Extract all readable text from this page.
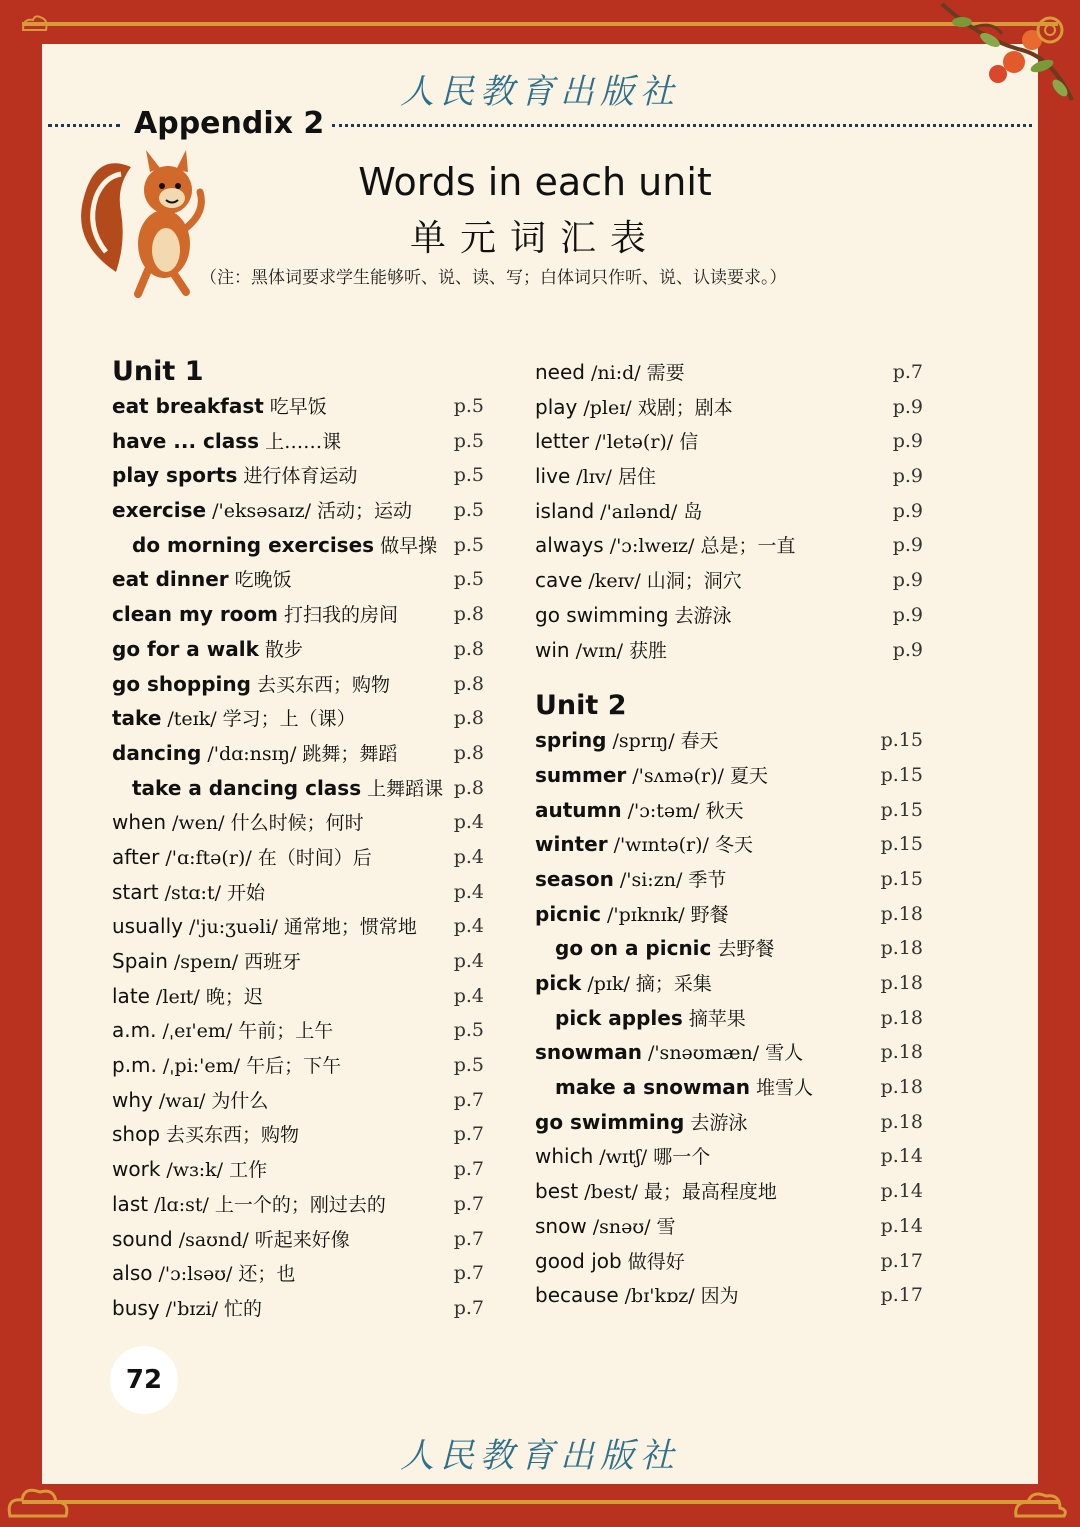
人民教育出版社
Appendix 2
Words in each unit
单元词汇表
（注：黑体词要求学生能够听、说、读、写；白体词只作听、说、认读要求。）
Unit 1
eat breakfast 吃早饭	p.5
have ... class 上……课	p.5
play sports 进行体育运动	p.5
exercise /'eksəsaɪz/ 活动；运动 p.5
do morning exercises 做早操 p.5
eat dinner 吃晚饭	p.5
clean my room 打扫我的房间	p.8
go for a walk 散步	p.8
go shopping 去买东西；购物	p.8
take /teɪk/ 学习；上（课）	p.8
dancing /'dɑ:nsɪŋ/ 跳舞；舞蹈	p.8
take a dancing class 上舞蹈课 p.8
when /wen/ 什么时候；何时	p.4
after /'ɑ:ftə(r)/ 在（时间）后	p.4
start /stɑ:t/ 开始	p.4
usually /'ju:ʒuəli/ 通常地；惯常地 p.4
Spain /speɪn/ 西班牙	p.4
late /leɪt/ 晚；迟	p.4
a.m. /ˌeɪ'em/ 午前；上午	p.5
p.m. /ˌpi:'em/ 午后；下午	p.5
why /waɪ/ 为什么	p.7
shop 去买东西；购物	p.7
work /wɜ:k/ 工作	p.7
last /lɑ:st/ 上一个的；刚过去的	p.7
sound /saʊnd/ 听起来好像	p.7
also /'ɔ:lsəʊ/ 还；也	p.7
busy /'bɪzi/ 忙的	p.7
need /ni:d/ 需要	p.7
play /pleɪ/ 戏剧；剧本	p.9
letter /'letə(r)/ 信	p.9
live /lɪv/ 居住	p.9
island /'aɪlənd/ 岛	p.9
always /'ɔ:lweɪz/ 总是；一直	p.9
cave /keɪv/ 山洞；洞穴	p.9
go swimming 去游泳	p.9
win /wɪn/ 获胜	p.9
Unit 2
spring /sprɪŋ/ 春天	p.15
summer /'sʌmə(r)/ 夏天	p.15
autumn /'ɔ:təm/ 秋天	p.15
winter /'wɪntə(r)/ 冬天	p.15
season /'si:zn/ 季节	p.15
picnic /'pɪknɪk/ 野餐	p.18
go on a picnic 去野餐	p.18
pick /pɪk/ 摘；采集	p.18
pick apples 摘苹果	p.18
snowman /'snəʊmæn/ 雪人	p.18
make a snowman 堆雪人	p.18
go swimming 去游泳	p.18
which /wɪtʃ/ 哪一个	p.14
best /best/ 最；最高程度地	p.14
snow /snəʊ/ 雪	p.14
good job 做得好	p.17
because /bɪ'kɒz/ 因为	p.17
72
人民教育出版社
